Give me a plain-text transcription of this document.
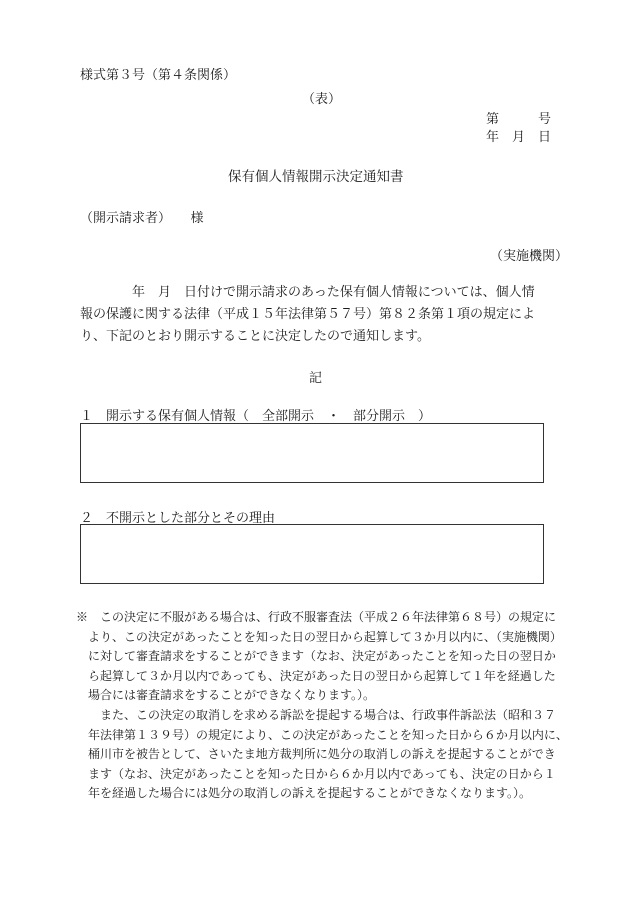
様式第３号（第４条関係）
（表）
第　　　号
年　月　日
保有個人情報開示決定通知書
（開示請求者）　　様
（実施機関）
　　　　年　月　日付けで開示請求のあった保有個人情報については、個人情
報の保護に関する法律（平成１５年法律第５７号）第８２条第１項の規定によ
り、下記のとおり開示することに決定したので通知します。
記
１　開示する保有個人情報（　全部開示　・　部分開示　）
２　不開示とした部分とその理由
※　この決定に不服がある場合は、行政不服審査法（平成２６年法律第６８号）の規定に
　より、この決定があったことを知った日の翌日から起算して３か月以内に、（実施機関）
　に対して審査請求をすることができます（なお、決定があったことを知った日の翌日か
　ら起算して３か月以内であっても、決定があった日の翌日から起算して１年を経過した
　場合には審査請求をすることができなくなります。）。
　　また、この決定の取消しを求める訴訟を提起する場合は、行政事件訴訟法（昭和３７
　年法律第１３９号）の規定により、この決定があったことを知った日から６か月以内に、
　桶川市を被告として、さいたま地方裁判所に処分の取消しの訴えを提起することができ
　ます（なお、決定があったことを知った日から６か月以内であっても、決定の日から１
　年を経過した場合には処分の取消しの訴えを提起することができなくなります。）。
